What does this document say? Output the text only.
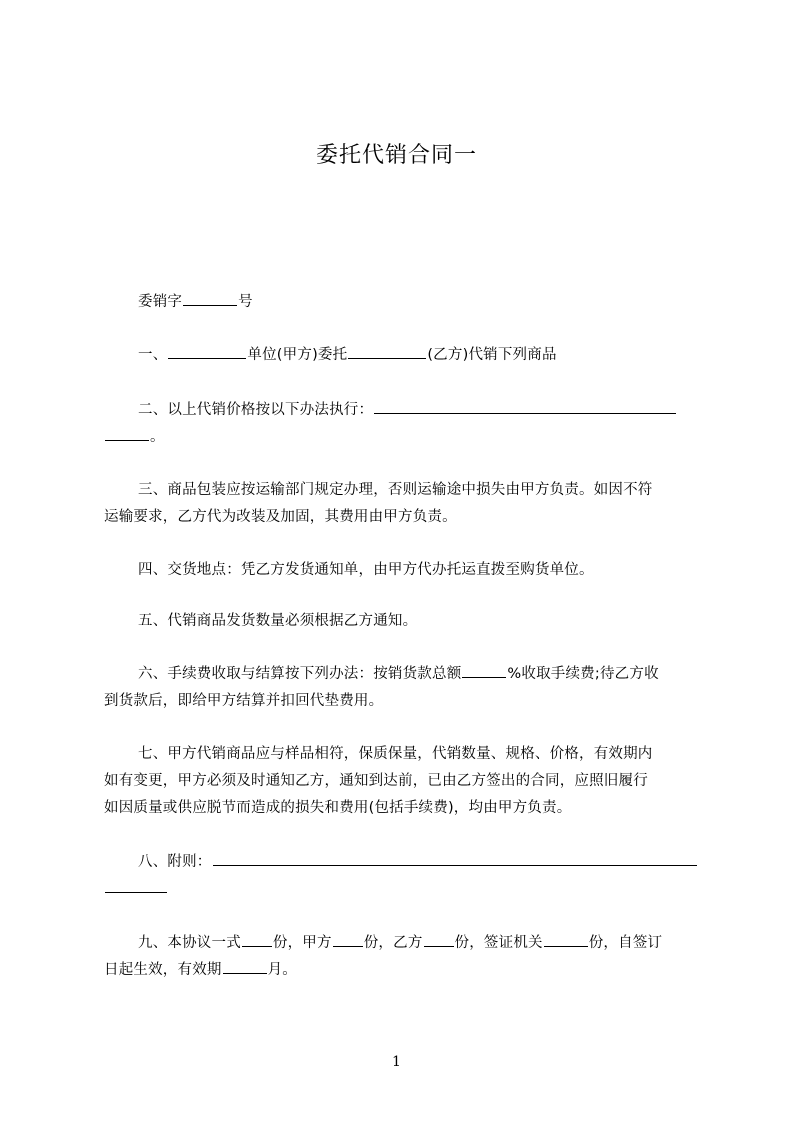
委托代销合同一
委销字	号
一、	单位(甲方)委托	(乙方)代销下列商品
二、以上代销价格按以下办法执行：
。
三、商品包装应按运输部门规定办理，否则运输途中损失由甲方负责。如因不符
运输要求，乙方代为改装及加固，其费用由甲方负责。
四、交货地点：凭乙方发货通知单，由甲方代办托运直拨至购货单位。
五、代销商品发货数量必须根据乙方通知。
六、手续费收取与结算按下列办法：按销货款总额	%收取手续费;待乙方收
到货款后，即给甲方结算并扣回代垫费用。
七、甲方代销商品应与样品相符，保质保量，代销数量、规格、价格，有效期内
如有变更，甲方必须及时通知乙方，通知到达前，已由乙方签出的合同，应照旧履行
如因质量或供应脱节而造成的损失和费用(包括手续费)，均由甲方负责。
八、附则：
九、本协议一式 份，甲方 份，乙方 份，签证机关	份，自签订
日起生效，有效期	月。
1
